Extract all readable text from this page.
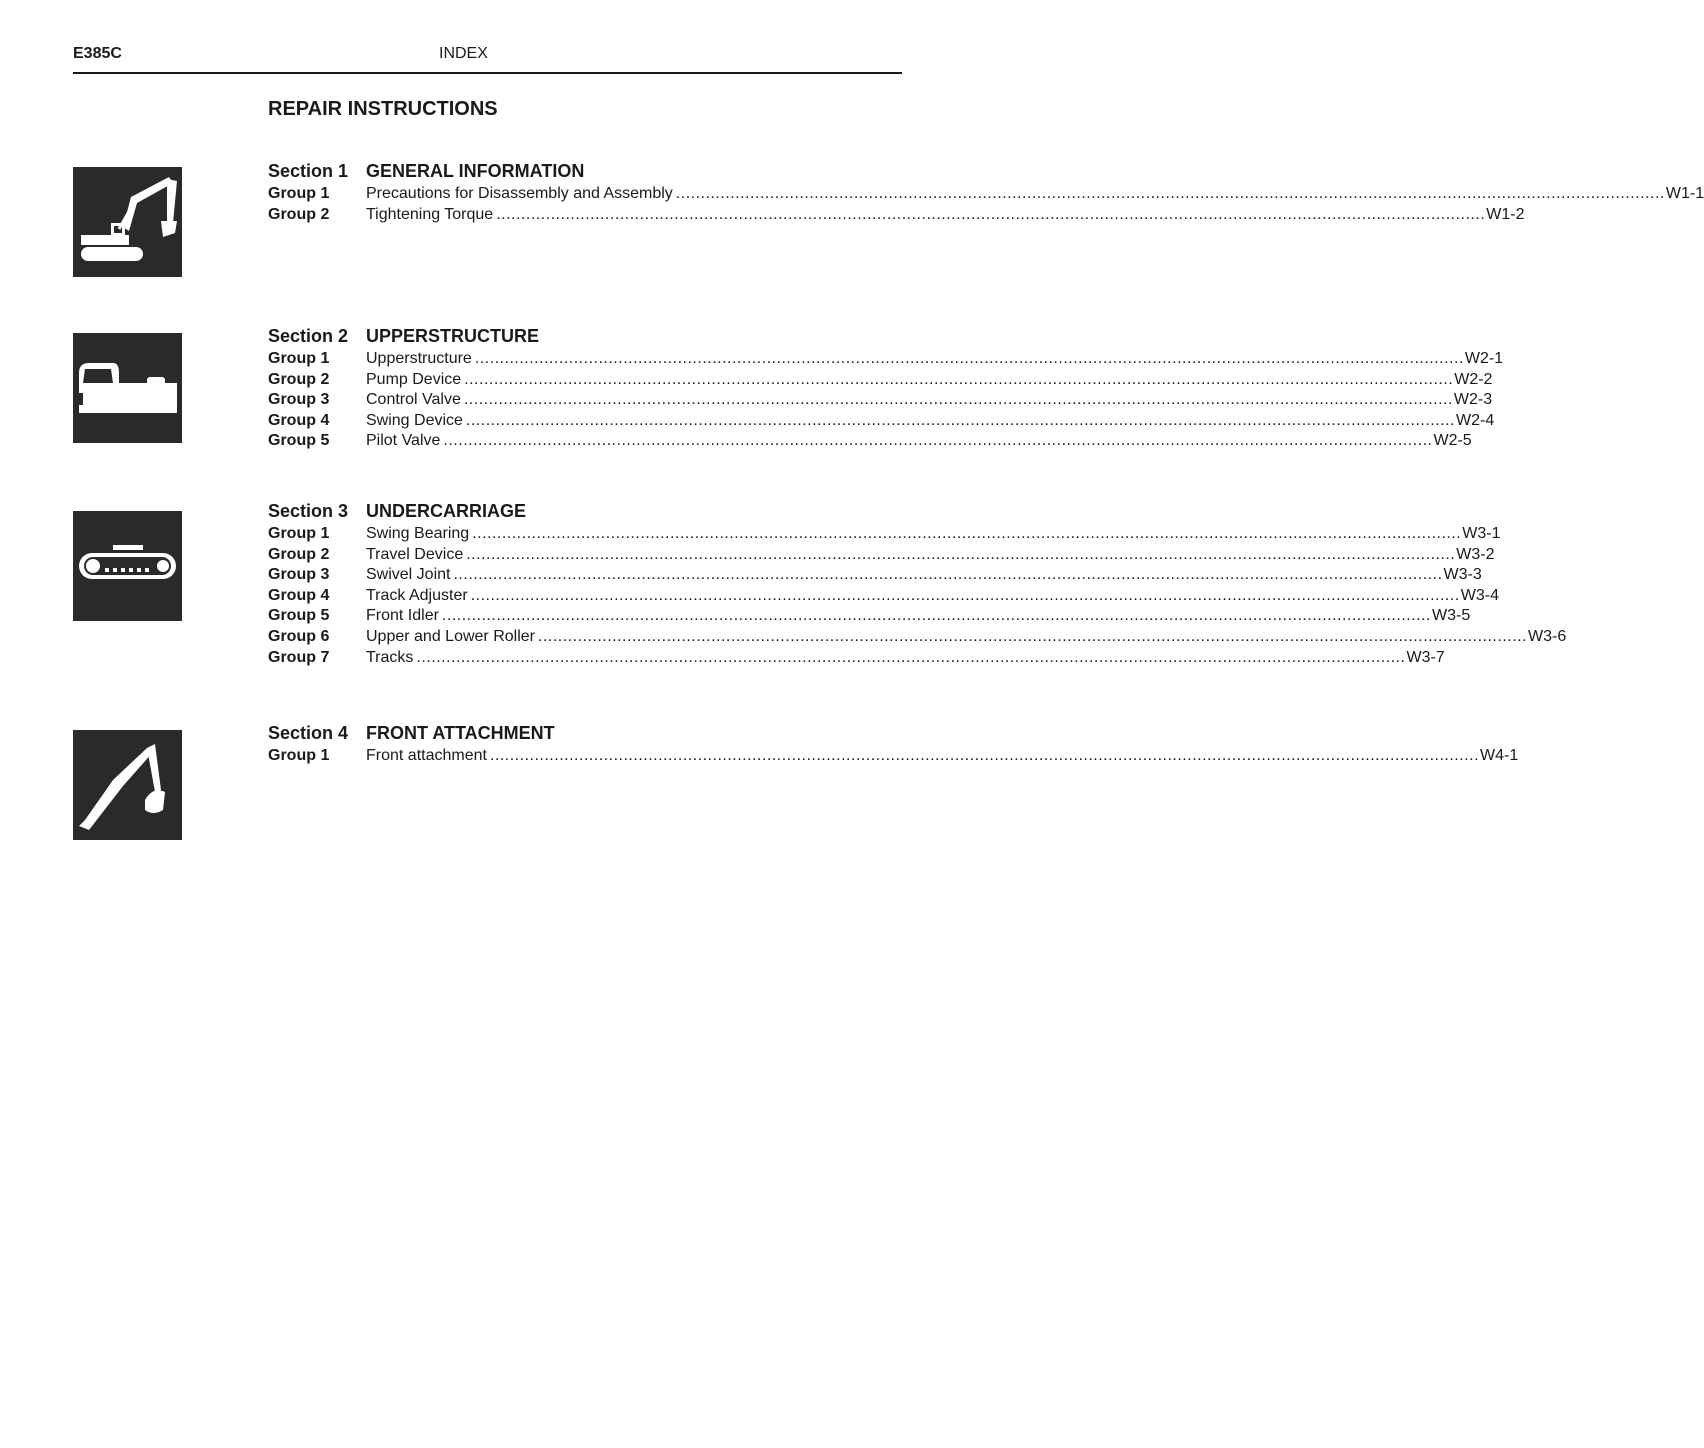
E385C	INDEX
REPAIR INSTRUCTIONS
Section 1 GENERAL INFORMATION
Group 1 Precautions for Disassembly and Assembly ........................................................................................................................................................................................................ W1-1
Group 2 Tightening Torque ........................................................................................................................................................................................................ W1-2
Section 2 UPPERSTRUCTURE
Group 1 Upperstructure ........................................................................................................................................................................................................ W2-1
Group 2 Pump Device ........................................................................................................................................................................................................ W2-2
Group 3 Control Valve ........................................................................................................................................................................................................ W2-3
Group 4 Swing Device ........................................................................................................................................................................................................ W2-4
Group 5 Pilot Valve ........................................................................................................................................................................................................ W2-5
Section 3 UNDERCARRIAGE
Group 1 Swing Bearing ........................................................................................................................................................................................................ W3-1
Group 2 Travel Device ........................................................................................................................................................................................................ W3-2
Group 3 Swivel Joint ........................................................................................................................................................................................................ W3-3
Group 4 Track Adjuster ........................................................................................................................................................................................................ W3-4
Group 5 Front Idler ........................................................................................................................................................................................................ W3-5
Group 6 Upper and Lower Roller ........................................................................................................................................................................................................ W3-6
Group 7 Tracks ........................................................................................................................................................................................................ W3-7
Section 4 FRONT ATTACHMENT
Group 1 Front attachment ........................................................................................................................................................................................................ W4-1
